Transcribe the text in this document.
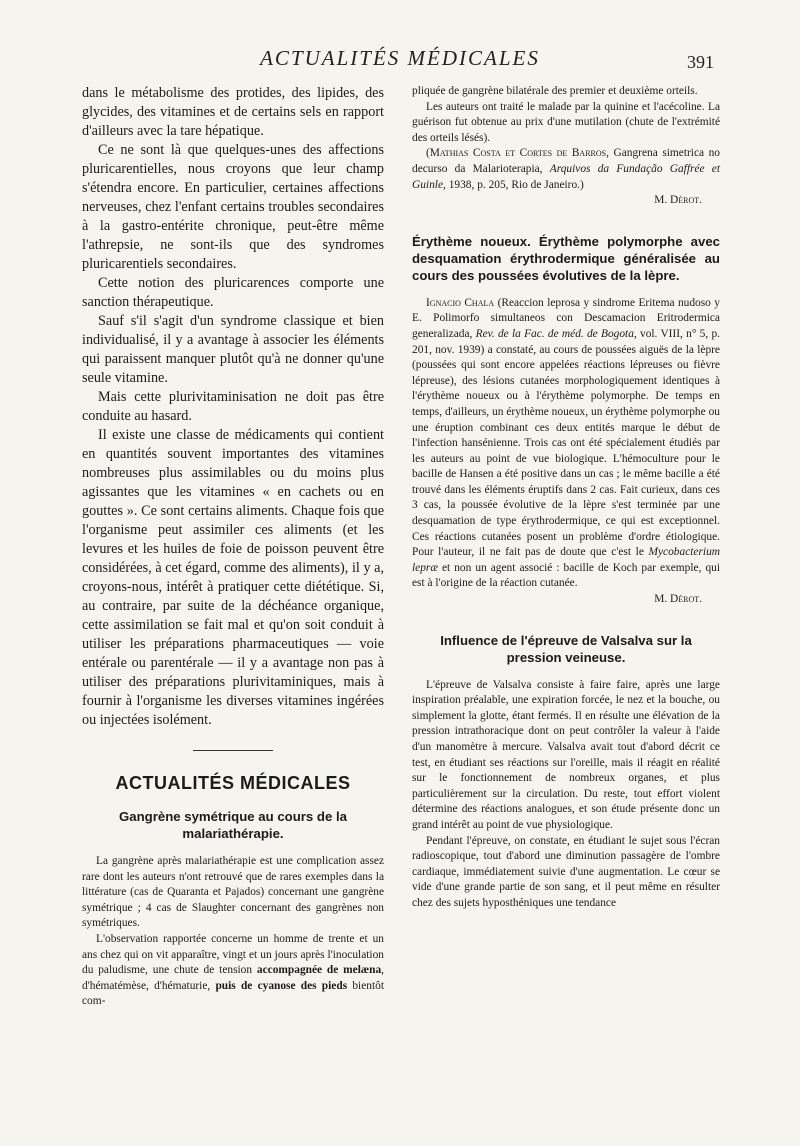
ACTUALITÉS MÉDICALES	391

dans le métabolisme des protides, des lipides, des glycides, des vitamines et de certains sels en rapport d'ailleurs avec la tare hépatique.

Ce ne sont là que quelques-unes des affections pluricarentielles, nous croyons que leur champ s'étendra encore. En particulier, certaines affections nerveuses, chez l'enfant certains troubles secondaires à la gastro-entérite chronique, peut-être même l'athrepsie, ne sont-ils que des syndromes pluricarentiels secondaires.

Cette notion des pluricarences comporte une sanction thérapeutique.

Sauf s'il s'agit d'un syndrome classique et bien individualisé, il y a avantage à associer les éléments qui paraissent manquer plutôt qu'à ne donner qu'une seule vitamine.

Mais cette plurivitaminisation ne doit pas être conduite au hasard.

Il existe une classe de médicaments qui contient en quantités souvent importantes des vitamines nombreuses plus assimilables ou du moins plus agissantes que les vitamines « en cachets ou en gouttes ». Ce sont certains aliments. Chaque fois que l'organisme peut assimiler ces aliments (et les levures et les huiles de foie de poisson peuvent être considérées, à cet égard, comme des aliments), il y a, croyons-nous, intérêt à pratiquer cette diététique. Si, au contraire, par suite de la déchéance organique, cette assimilation se fait mal et qu'on soit conduit à utiliser les préparations pharmaceutiques — voie entérale ou parentérale — il y a avantage non pas à utiliser des préparations plurivitaminiques, mais à fournir à l'organisme les diverses vitamines ingérées ou injectées isolément.

ACTUALITÉS MÉDICALES
Gangrène symétrique au cours de la malariathérapie.

La gangrène après malariathérapie est une complication assez rare dont les auteurs n'ont retrouvé que de rares exemples dans la littérature (cas de Quaranta et Pajados) concernant une gangrène symétrique ; 4 cas de Slaughter concernant des gangrènes non symétriques.

L'observation rapportée concerne un homme de trente et un ans chez qui on vit apparaître, vingt et un jours après l'inoculation du paludisme, une chute de tension accompagnée de melæna, d'hématémèse, d'hématurie, puis de cyanose des pieds bientôt com-

pliquée de gangrène bilatérale des premier et deuxième orteils.

Les auteurs ont traité le malade par la quinine et l'acécoline. La guérison fut obtenue au prix d'une mutilation (chute de l'extrémité des orteils lésés).

(Mathias Costa et Cortes de Barros, Gangrena simetrica no decurso da Malarioterapia, Arquivos da Fundação Gaffrée et Guinle, 1938, p. 205, Rio de Janeiro.)

M. Dérot.

Érythème noueux. Érythème polymorphe avec desquamation érythrodermique généralisée au cours des poussées évolutives de la lèpre.

Ignacio Chala (Reaccion leprosa y sindrome Eritema nudoso y E. Polimorfo simultaneos con Descamacion Eritrodermica generalizada, Rev. de la Fac. de méd. de Bogota, vol. VIII, n° 5, p. 201, nov. 1939) a constaté, au cours de poussées aiguës de la lèpre (poussées qui sont encore appelées réactions lépreuses ou fièvre lépreuse), des lésions cutanées morphologiquement identiques à l'érythème noueux ou à l'érythème polymorphe. De temps en temps, d'ailleurs, un érythème noueux, un érythème polymorphe ou une éruption combinant ces deux entités marque le début de l'infection hansénienne. Trois cas ont été spécialement étudiés par les auteurs au point de vue biologique. L'hémoculture pour le bacille de Hansen a été positive dans un cas ; le même bacille a été trouvé dans les éléments éruptifs dans 2 cas. Fait curieux, dans ces 3 cas, la poussée évolutive de la lèpre s'est terminée par une desquamation de type érythrodermique, ce qui est exceptionnel. Ces réactions cutanées posent un problème d'ordre étiologique. Pour l'auteur, il ne fait pas de doute que c'est le Mycobacterium lepræ et non un agent associé : bacille de Koch par exemple, qui est à l'origine de la réaction cutanée.

M. Dérot.

Influence de l'épreuve de Valsalva sur la pression veineuse.

L'épreuve de Valsalva consiste à faire faire, après une large inspiration préalable, une expiration forcée, le nez et la bouche, ou simplement la glotte, étant fermés. Il en résulte une élévation de la pression intrathoracique dont on peut contrôler la valeur à l'aide d'un manomètre à mercure. Valsalva avait tout d'abord décrit ce test, en étudiant ses réactions sur l'oreille, mais il réagit en réalité sur le fonctionnement de nombreux organes, et plus particulièrement sur la circulation. Du reste, tout effort violent détermine des réactions analogues, et son étude présente donc un grand intérêt au point de vue physiologique.

Pendant l'épreuve, on constate, en étudiant le sujet sous l'écran radioscopique, tout d'abord une diminution passagère de l'ombre cardiaque, immédiatement suivie d'une augmentation. Le cœur se vide d'une grande partie de son sang, et il peut même en résulter chez des sujets hyposthéniques une tendance
